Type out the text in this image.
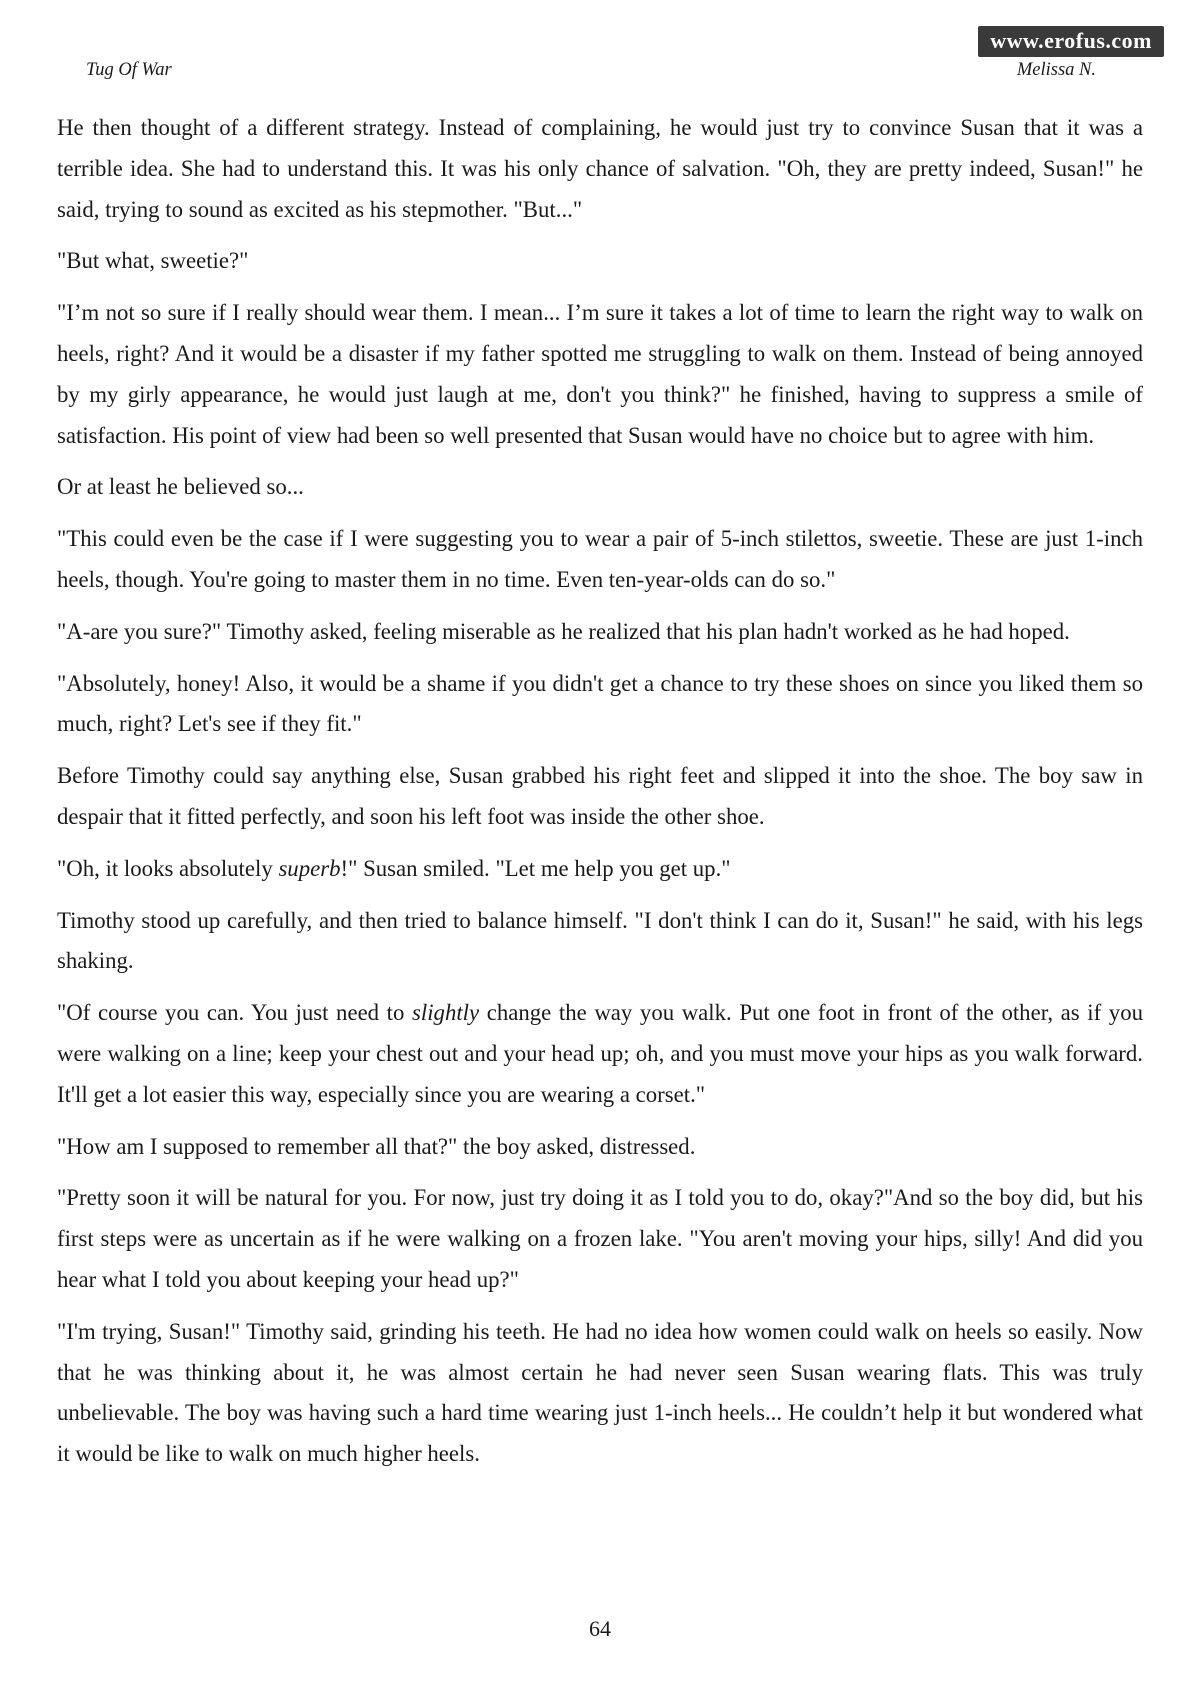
www.erofus.com
Tug Of War	Melissa N.

He then thought of a different strategy. Instead of complaining, he would just try to convince Susan that it was a terrible idea. She had to understand this. It was his only chance of salvation. "Oh, they are pretty indeed, Susan!" he said, trying to sound as excited as his stepmother. "But..."

"But what, sweetie?"

"I’m not so sure if I really should wear them. I mean... I’m sure it takes a lot of time to learn the right way to walk on heels, right? And it would be a disaster if my father spotted me struggling to walk on them. Instead of being annoyed by my girly appearance, he would just laugh at me, don't you think?" he finished, having to suppress a smile of satisfaction. His point of view had been so well presented that Susan would have no choice but to agree with him.

Or at least he believed so...

"This could even be the case if I were suggesting you to wear a pair of 5-inch stilettos, sweetie. These are just 1-inch heels, though. You're going to master them in no time. Even ten-year-olds can do so."

"A-are you sure?" Timothy asked, feeling miserable as he realized that his plan hadn't worked as he had hoped.

"Absolutely, honey! Also, it would be a shame if you didn't get a chance to try these shoes on since you liked them so much, right? Let's see if they fit."

Before Timothy could say anything else, Susan grabbed his right feet and slipped it into the shoe. The boy saw in despair that it fitted perfectly, and soon his left foot was inside the other shoe.

"Oh, it looks absolutely superb!" Susan smiled. "Let me help you get up."

Timothy stood up carefully, and then tried to balance himself. "I don't think I can do it, Susan!" he said, with his legs shaking.

"Of course you can. You just need to slightly change the way you walk. Put one foot in front of the other, as if you were walking on a line; keep your chest out and your head up; oh, and you must move your hips as you walk forward. It'll get a lot easier this way, especially since you are wearing a corset."

"How am I supposed to remember all that?" the boy asked, distressed.

"Pretty soon it will be natural for you. For now, just try doing it as I told you to do, okay?"And so the boy did, but his first steps were as uncertain as if he were walking on a frozen lake. "You aren't moving your hips, silly! And did you hear what I told you about keeping your head up?"

"I'm trying, Susan!" Timothy said, grinding his teeth. He had no idea how women could walk on heels so easily. Now that he was thinking about it, he was almost certain he had never seen Susan wearing flats. This was truly unbelievable. The boy was having such a hard time wearing just 1-inch heels... He couldn’t help it but wondered what it would be like to walk on much higher heels.

64
